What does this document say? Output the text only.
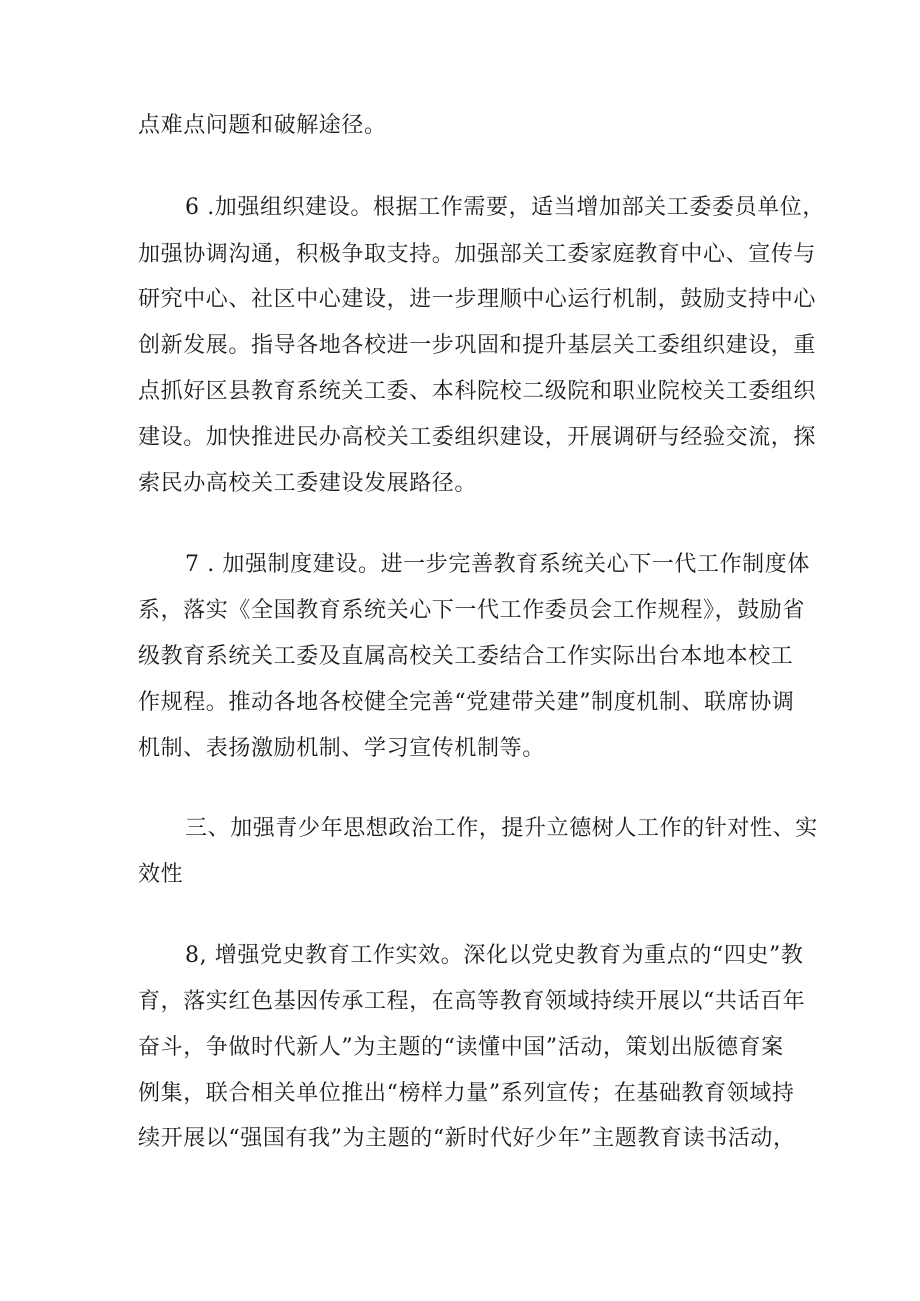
点难点问题和破解途径。
6 .加强组织建设。根据工作需要，适当增加部关工委委员单位，
加强协调沟通，积极争取支持。加强部关工委家庭教育中心、宣传与
研究中心、社区中心建设，进一步理顺中心运行机制，鼓励支持中心
创新发展。指导各地各校进一步巩固和提升基层关工委组织建设，重
点抓好区县教育系统关工委、本科院校二级院和职业院校关工委组织
建设。加快推进民办高校关工委组织建设，开展调研与经验交流，探
索民办高校关工委建设发展路径。
7 . 加强制度建设。进一步完善教育系统关心下一代工作制度体
系，落实《全国教育系统关心下一代工作委员会工作规程》，鼓励省
级教育系统关工委及直属高校关工委结合工作实际出台本地本校工
作规程。推动各地各校健全完善“党建带关建”制度机制、联席协调
机制、表扬激励机制、学习宣传机制等。
三、加强青少年思想政治工作，提升立德树人工作的针对性、实
效性
8, 增强党史教育工作实效。深化以党史教育为重点的“四史”教
育，落实红色基因传承工程，在高等教育领域持续开展以“共话百年
奋斗，争做时代新人”为主题的“读懂中国”活动，策划出版德育案
例集，联合相关单位推出“榜样力量”系列宣传；在基础教育领域持
续开展以“强国有我”为主题的“新时代好少年”主题教育读书活动，
